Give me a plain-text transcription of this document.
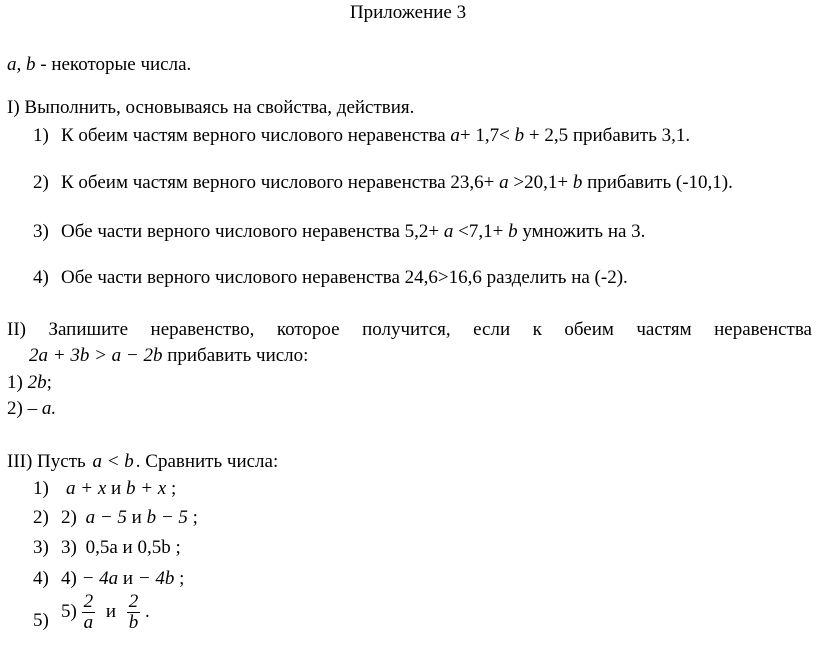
Приложение 3
a, b - некоторые числа.
I) Выполнить, основываясь на свойства, действия.
1) К обеим частям верного числового неравенства a+ 1,7< b + 2,5 прибавить 3,1.
2) К обеим частям верного числового неравенства 23,6+ a >20,1+ b прибавить (-10,1).
3) Обе части верного числового неравенства 5,2+ a <7,1+ b умножить на 3.
4) Обе части верного числового неравенства 24,6>16,6 разделить на (-2).
II) Запишите неравенство, которое получится, если к обеим частям неравенства
2a + 3b > a − 2b прибавить число:
1) 2b;
2) – a.
III) Пусть a < b . Сравнить числа:
1) a + x и b + x ;
2) 2) a − 5 и b − 5 ;
3) 3) 0,5a и 0,5b ;
4) 4) − 4a и − 4b ;
5) $5) \frac{2}{a}$ и $\frac{2}{b}$ .
